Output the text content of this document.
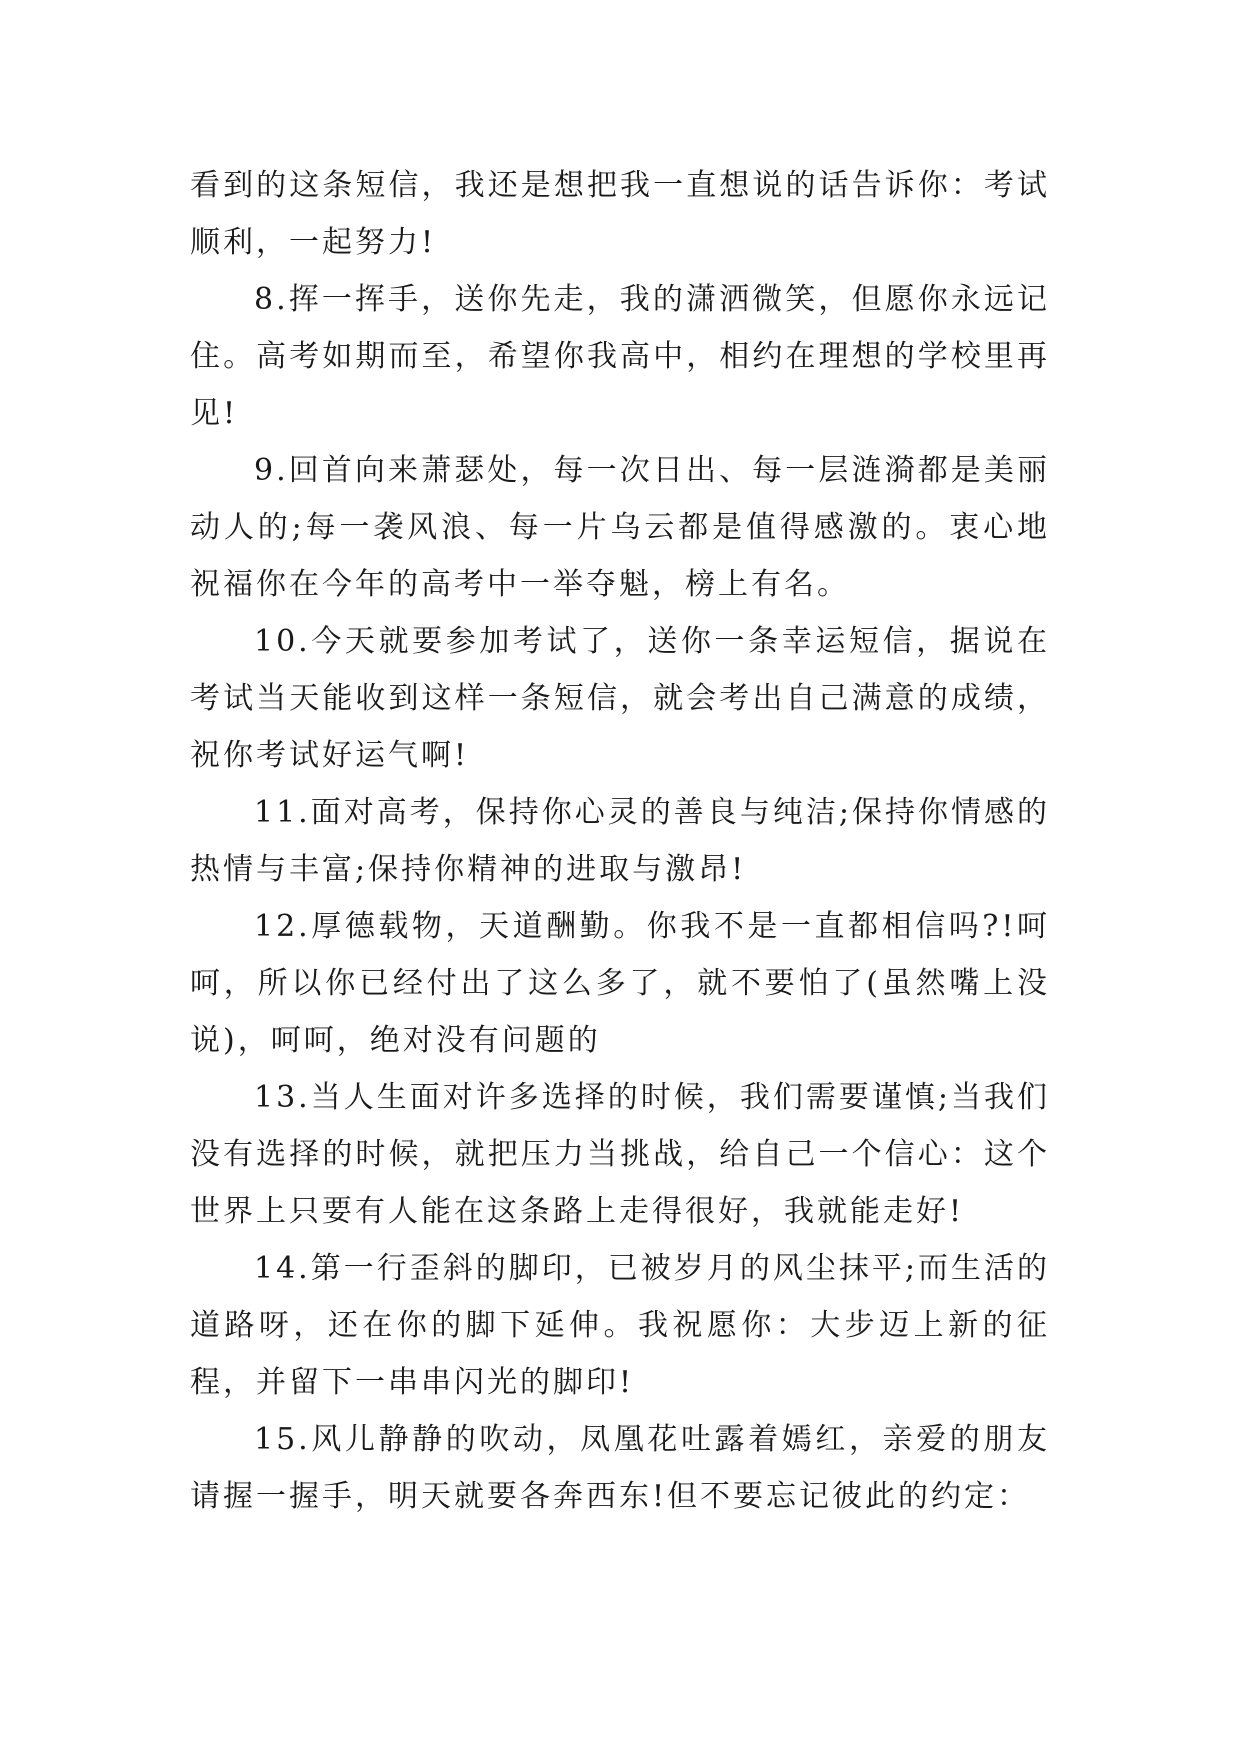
看到的这条短信，我还是想把我一直想说的话告诉你：考试顺利，一起努力!

8.挥一挥手，送你先走，我的潇洒微笑，但愿你永远记住。高考如期而至，希望你我高中，相约在理想的学校里再见!

9.回首向来萧瑟处，每一次日出、每一层涟漪都是美丽动人的;每一袭风浪、每一片乌云都是值得感激的。衷心地祝福你在今年的高考中一举夺魁，榜上有名。

10.今天就要参加考试了，送你一条幸运短信，据说在考试当天能收到这样一条短信，就会考出自己满意的成绩，祝你考试好运气啊!

11.面对高考，保持你心灵的善良与纯洁;保持你情感的热情与丰富;保持你精神的进取与激昂!

12.厚德载物，天道酬勤。你我不是一直都相信吗?!呵呵，所以你已经付出了这么多了，就不要怕了(虽然嘴上没说)，呵呵，绝对没有问题的

13.当人生面对许多选择的时候，我们需要谨慎;当我们没有选择的时候，就把压力当挑战，给自己一个信心：这个世界上只要有人能在这条路上走得很好，我就能走好!

14.第一行歪斜的脚印，已被岁月的风尘抹平;而生活的道路呀，还在你的脚下延伸。我祝愿你：大步迈上新的征程，并留下一串串闪光的脚印!

15.风儿静静的吹动，凤凰花吐露着嫣红，亲爱的朋友请握一握手，明天就要各奔西东!但不要忘记彼此的约定：
